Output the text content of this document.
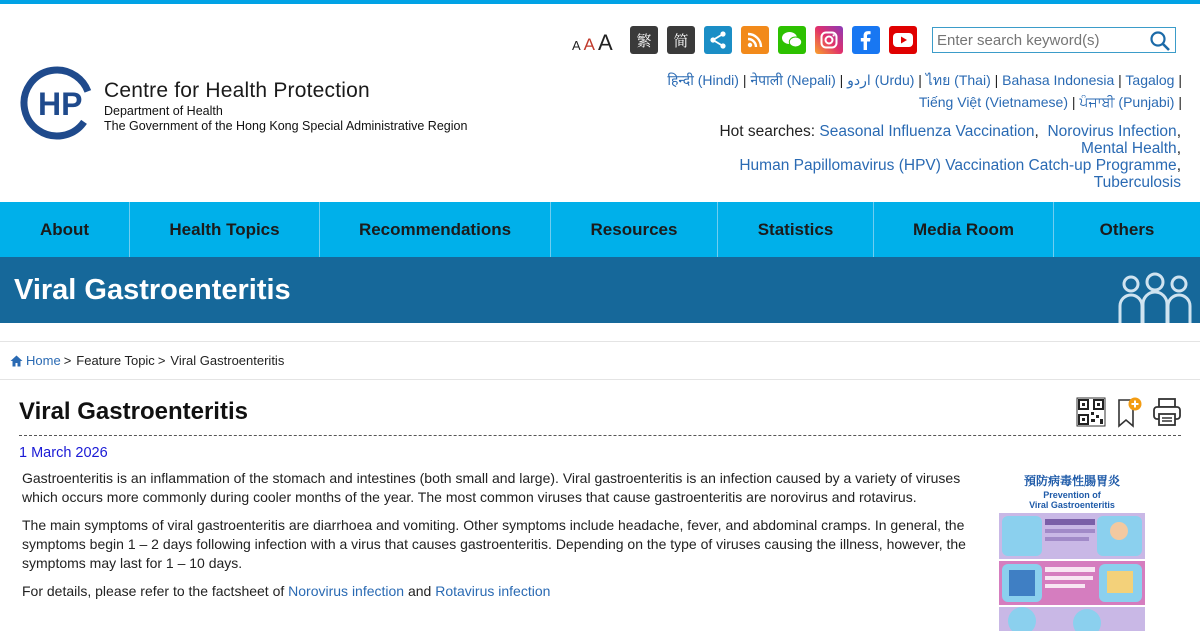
HP Centre for Health Protection
Department of Health
The Government of the Hong Kong Special Administrative Region
A A A	繁	简
Enter search keyword(s)
हिन्दी (Hindi) | नेपाली (Nepali) | اردو (Urdu) | ไทย (Thai) | Bahasa Indonesia | Tagalog |
Tiếng Việt (Vietnamese) | ਪੰਜਾਬੀ (Punjabi) |
Hot searches: Seasonal Influenza Vaccination,  Norovirus Infection,
Mental Health,
Human Papillomavirus (HPV) Vaccination Catch-up Programme,
Tuberculosis
About	Health Topics	Recommendations	Resources	Statistics	Media Room	Others
Viral Gastroenteritis
Home > Feature Topic > Viral Gastroenteritis
Viral Gastroenteritis
1 March 2026

Gastroenteritis is an inflammation of the stomach and intestines (both small and large). Viral gastroenteritis is an infection caused by a variety of viruses which occurs more commonly during cooler months of the year. The most common viruses that cause gastroenteritis are norovirus and rotavirus.

The main symptoms of viral gastroenteritis are diarrhoea and vomiting. Other symptoms include headache, fever, and abdominal cramps. In general, the symptoms begin 1 – 2 days following infection with a virus that causes gastroenteritis. Depending on the type of viruses causing the illness, however, the symptoms may last for 1 – 10 days.

For details, please refer to the factsheet of Norovirus infection and Rotavirus infection

預防病毒性腸胃炎
Prevention of
Viral Gastroenteritis
